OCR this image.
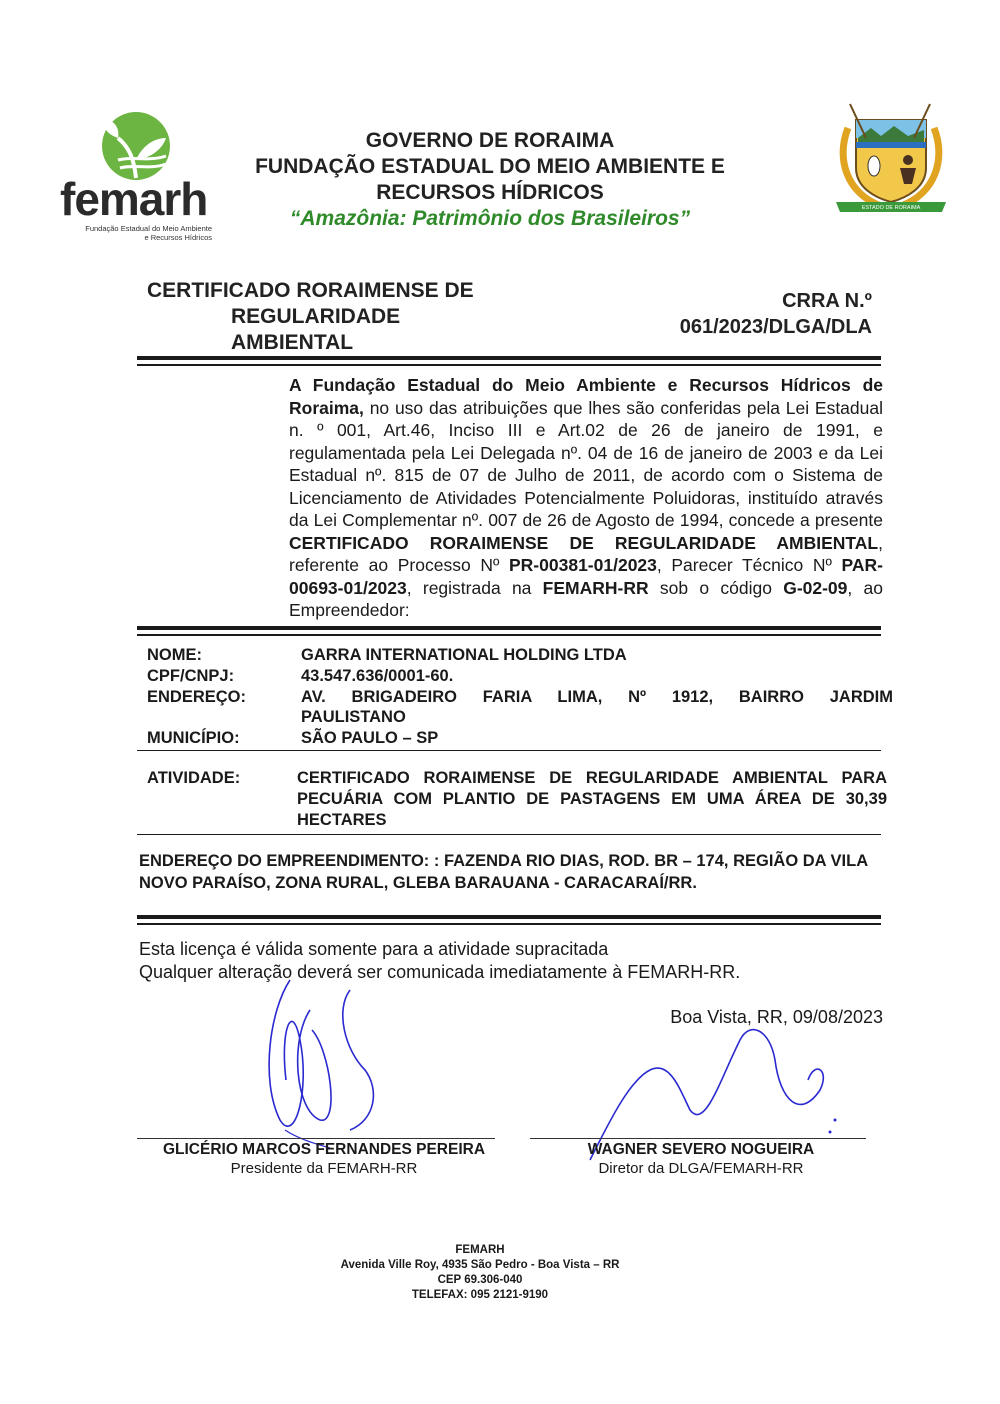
femarh
Fundação Estadual do Meio Ambiente
e Recursos Hídricos
GOVERNO DE RORAIMA
FUNDAÇÃO ESTADUAL DO MEIO AMBIENTE E
RECURSOS HÍDRICOS
“Amazônia: Patrimônio dos Brasileiros”	ESTADO DE RORAIMA
CERTIFICADO RORAIMENSE DE
REGULARIDADE
AMBIENTAL
CRRA N.º
061/2023/DLGA/DLA
A Fundação Estadual do Meio Ambiente e Recursos Hídricos de Roraima, no uso das atribuições que lhes são conferidas pela Lei Estadual n. º 001, Art.46, Inciso III e Art.02 de 26 de janeiro de 1991, e regulamentada pela Lei Delegada nº. 04 de 16 de janeiro de 2003 e da Lei Estadual nº. 815 de 07 de Julho de 2011, de acordo com o Sistema de Licenciamento de Atividades Potencialmente Poluidoras, instituído através da Lei Complementar nº. 007 de 26 de Agosto de 1994, concede a presente CERTIFICADO RORAIMENSE DE REGULARIDADE AMBIENTAL, referente ao Processo Nº PR-00381-01/2023, Parecer Técnico Nº PAR-00693-01/2023, registrada na FEMARH-RR sob o código G-02-09, ao Empreendedor:
NOME:	GARRA INTERNATIONAL HOLDING LTDA
CPF/CNPJ:	43.547.636/0001-60.
ENDEREÇO:	AV. BRIGADEIRO FARIA LIMA, Nº 1912, BAIRRO JARDIM
PAULISTANO
MUNICÍPIO:	SÃO PAULO – SP
ATIVIDADE:	CERTIFICADO RORAIMENSE DE REGULARIDADE AMBIENTAL PARA PECUÁRIA COM PLANTIO DE PASTAGENS EM UMA ÁREA DE 30,39 HECTARES
ENDEREÇO DO EMPREENDIMENTO: : FAZENDA RIO DIAS, ROD. BR – 174, REGIÃO DA VILA NOVO PARAÍSO, ZONA RURAL, GLEBA BARAUANA - CARACARAÍ/RR.
Esta licença é válida somente para a atividade supracitada
Qualquer alteração deverá ser comunicada imediatamente à FEMARH-RR.
Boa Vista, RR, 09/08/2023
GLICÉRIO MARCOS FERNANDES PEREIRA
Presidente da FEMARH-RR
WAGNER SEVERO NOGUEIRA
Diretor da DLGA/FEMARH-RR
FEMARH
Avenida Ville Roy, 4935 São Pedro - Boa Vista – RR
CEP 69.306-040
TELEFAX: 095 2121-9190
